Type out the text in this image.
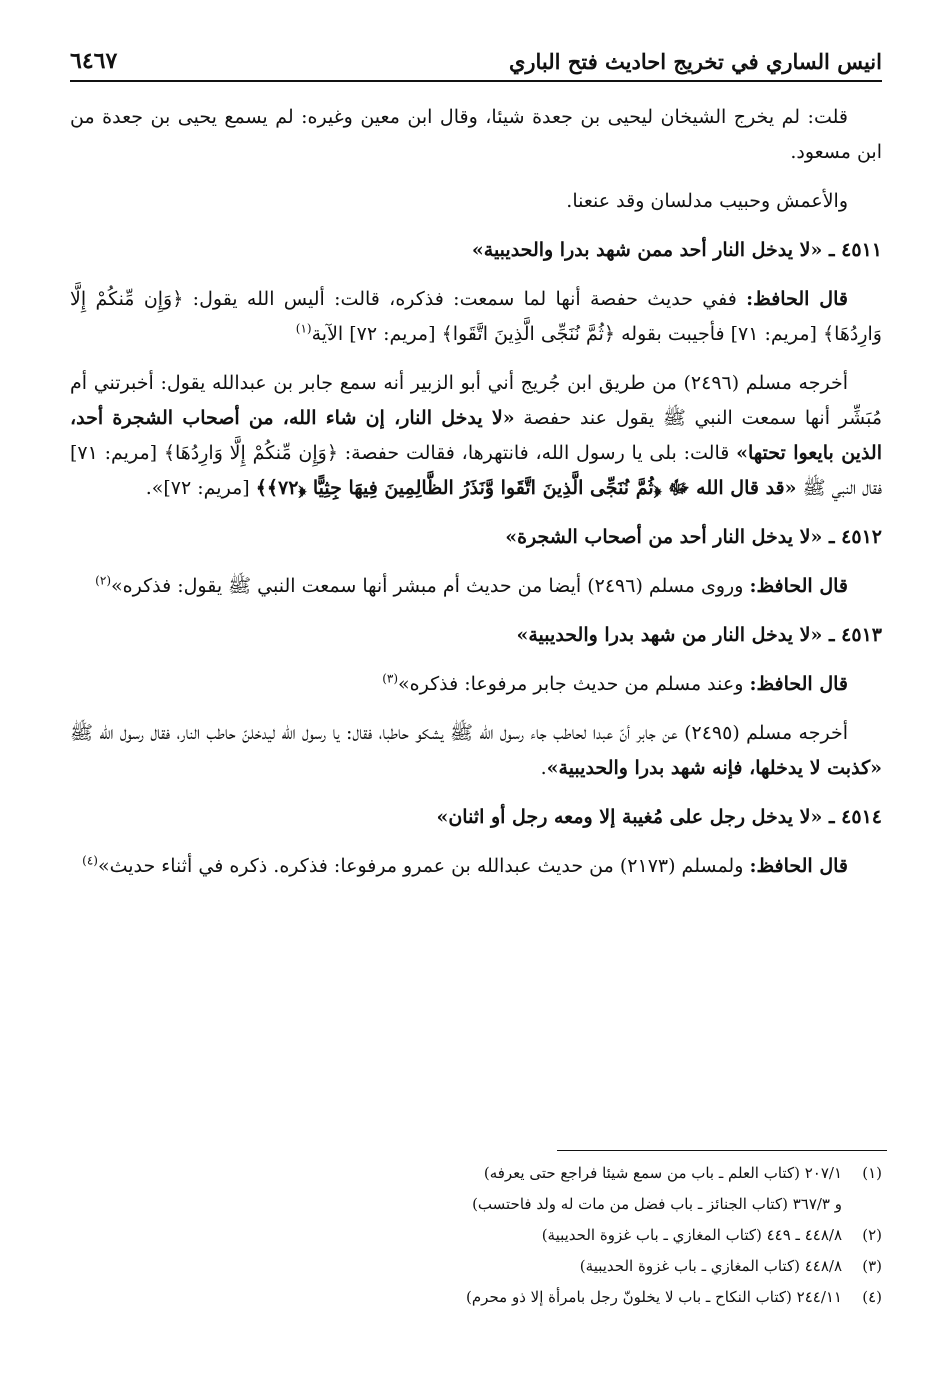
انيس الساري في تخريج احاديث فتح الباري
٦٤٦٧

قلت: لم يخرج الشيخان ليحيى بن جعدة شيئا، وقال ابن معين وغيره: لم يسمع يحيى بن جعدة من ابن مسعود.

والأعمش وحبيب مدلسان وقد عنعنا.

٤٥١١ ـ «لا يدخل النار أحد ممن شهد بدرا والحديبية»

قال الحافظ: ففي حديث حفصة أنها لما سمعت: فذكره، قالت: أليس الله يقول: ﴿وَإِن مِّنكُمْ إِلَّا وَارِدُهَا﴾ [مريم: ٧١] فأجيبت بقوله ﴿ثُمَّ نُنَجِّى الَّذِينَ اتَّقَوا﴾ [مريم: ٧٢] الآية$^{(١)}$

أخرجه مسلم (٢٤٩٦) من طريق ابن جُريج أني أبو الزبير أنه سمع جابر بن عبدالله يقول: أخبرتني أم مُبَشِّر أنها سمعت النبي ﷺ يقول عند حفصة «لا يدخل النار، إن شاء الله، من أصحاب الشجرة أحد، الذين بايعوا تحتها» قالت: بلى يا رسول الله، فانتهرها، فقالت حفصة: ﴿وَإِن مِّنكُمْ إِلَّا وَارِدُهَا﴾ [مريم: ٧١] فقال النبي ﷺ «قد قال الله ﷻ ﴿ثُمَّ نُنَجِّى الَّذِينَ اتَّقَوا وَّنَذَرُ الظَّالِمِينَ فِيهَا جِثِيًّا ﴿٧٢﴾﴾ [مريم: ٧٢]».

٤٥١٢ ـ «لا يدخل النار أحد من أصحاب الشجرة»

قال الحافظ: وروى مسلم (٢٤٩٦) أيضا من حديث أم مبشر أنها سمعت النبي ﷺ يقول: فذكره»$^{(٢)}$

٤٥١٣ ـ «لا يدخل النار من شهد بدرا والحديبية»

قال الحافظ: وعند مسلم من حديث جابر مرفوعا: فذكره»$^{(٣)}$

أخرجه مسلم (٢٤٩٥) عن جابر أنّ عبدا لحاطب جاء رسول الله ﷺ يشكو حاطبا، فقال: يا رسول الله ليدخلنّ حاطب النار، فقال رسول الله ﷺ «كذبت لا يدخلها، فإنه شهد بدرا والحديبية».

٤٥١٤ ـ «لا يدخل رجل على مُغيبة إلا ومعه رجل أو اثنان»

قال الحافظ: ولمسلم (٢١٧٣) من حديث عبدالله بن عمرو مرفوعا: فذكره. ذكره في أثناء حديث»$^{(٤)}$

(١)
٢٠٧/١ (كتاب العلم ـ باب من سمع شيئا فراجع حتى يعرفه)
و ٣٦٧/٣ (كتاب الجنائز ـ باب فضل من مات له ولد فاحتسب)
(٢)
٤٤٨/٨ ـ ٤٤٩ (كتاب المغازي ـ باب غزوة الحديبية)
(٣)
٤٤٨/٨ (كتاب المغازي ـ باب غزوة الحديبية)
(٤)
٢٤٤/١١ (كتاب النكاح ـ باب لا يخلونّ رجل بامرأة إلا ذو محرم)
